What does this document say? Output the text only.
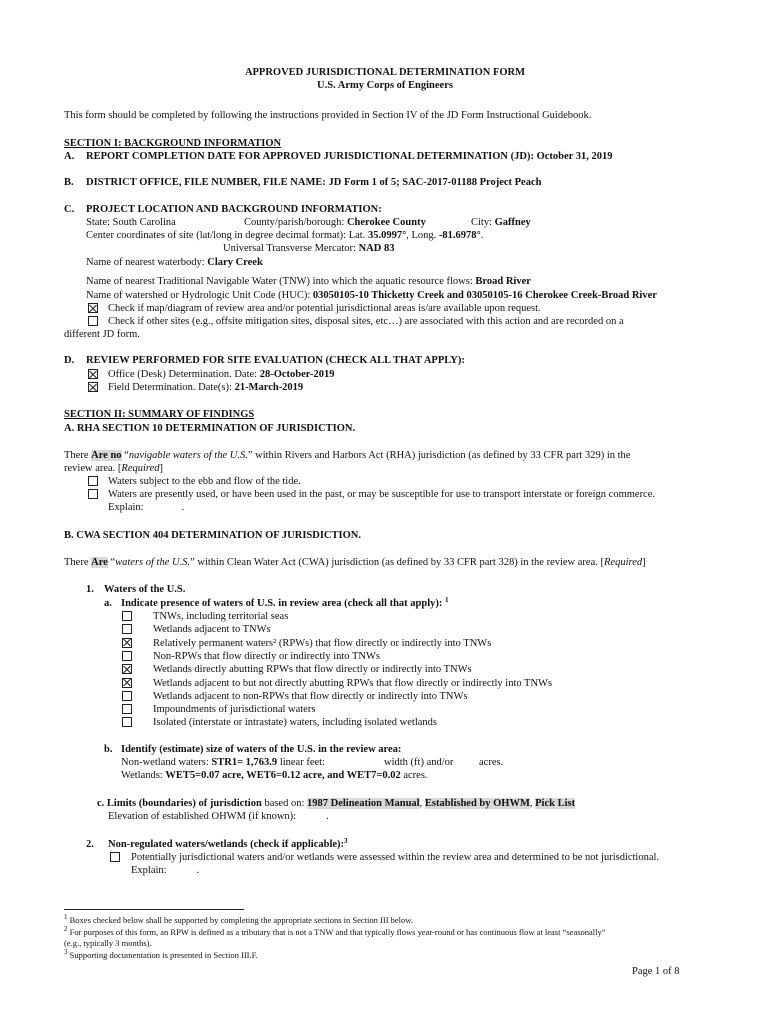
APPROVED JURISDICTIONAL DETERMINATION FORM
U.S. Army Corps of Engineers
This form should be completed by following the instructions provided in Section IV of the JD Form Instructional Guidebook.
SECTION I: BACKGROUND INFORMATION
A. REPORT COMPLETION DATE FOR APPROVED JURISDICTIONAL DETERMINATION (JD): October 31, 2019
B. DISTRICT OFFICE, FILE NUMBER, FILE NAME: JD Form 1 of 5; SAC-2017-01188 Project Peach
C. PROJECT LOCATION AND BACKGROUND INFORMATION:
State: South Carolina	County/parish/borough: Cherokee County	City: Gaffney
Center coordinates of site (lat/long in degree decimal format): Lat. 35.0997°, Long. -81.6978°.
Universal Transverse Mercator: NAD 83
Name of nearest waterbody: Clary Creek
Name of nearest Traditional Navigable Water (TNW) into which the aquatic resource flows: Broad River
Name of watershed or Hydrologic Unit Code (HUC): 03050105-10 Thicketty Creek and 03050105-16 Cherokee Creek-Broad River
Check if map/diagram of review area and/or potential jurisdictional areas is/are available upon request.
Check if other sites (e.g., offsite mitigation sites, disposal sites, etc…) are associated with this action and are recorded on a
different JD form.
D. REVIEW PERFORMED FOR SITE EVALUATION (CHECK ALL THAT APPLY):
Office (Desk) Determination. Date: 28-October-2019
Field Determination. Date(s): 21-March-2019
SECTION II: SUMMARY OF FINDINGS
A. RHA SECTION 10 DETERMINATION OF JURISDICTION.
There Are no “navigable waters of the U.S.” within Rivers and Harbors Act (RHA) jurisdiction (as defined by 33 CFR part 329) in the
review area. [Required]
Waters subject to the ebb and flow of the tide.
Waters are presently used, or have been used in the past, or may be susceptible for use to transport interstate or foreign commerce.
Explain:	.
B. CWA SECTION 404 DETERMINATION OF JURISDICTION.
There Are “waters of the U.S.” within Clean Water Act (CWA) jurisdiction (as defined by 33 CFR part 328) in the review area. [Required]
1. Waters of the U.S.
a. Indicate presence of waters of U.S. in review area (check all that apply): $^1$
TNWs, including territorial seas
Wetlands adjacent to TNWs
Relatively permanent waters² (RPWs) that flow directly or indirectly into TNWs
Non-RPWs that flow directly or indirectly into TNWs
Wetlands directly abutting RPWs that flow directly or indirectly into TNWs
Wetlands adjacent to but not directly abutting RPWs that flow directly or indirectly into TNWs
Wetlands adjacent to non-RPWs that flow directly or indirectly into TNWs
Impoundments of jurisdictional waters
Isolated (interstate or intrastate) waters, including isolated wetlands
b. Identify (estimate) size of waters of the U.S. in the review area:
Non-wetland waters: STR1= 1,763.9 linear feet:	width (ft) and/or acres.
Wetlands: WET5=0.07 acre, WET6=0.12 acre, and WET7=0.02 acres.
c. Limits (boundaries) of jurisdiction based on: 1987 Delineation Manual, Established by OHWM, Pick List
Elevation of established OHWM (if known):	.
2. Non-regulated waters/wetlands (check if applicable):$^3$
Potentially jurisdictional waters and/or wetlands were assessed within the review area and determined to be not jurisdictional.
Explain:	.
$^1$ Boxes checked below shall be supported by completing the appropriate sections in Section III below.
$^2$ For purposes of this form, an RPW is defined as a tributary that is not a TNW and that typically flows year-round or has continuous flow at least “seasonally”
(e.g., typically 3 months).
$^3$ Supporting documentation is presented in Section III.F.
Page 1 of 8
